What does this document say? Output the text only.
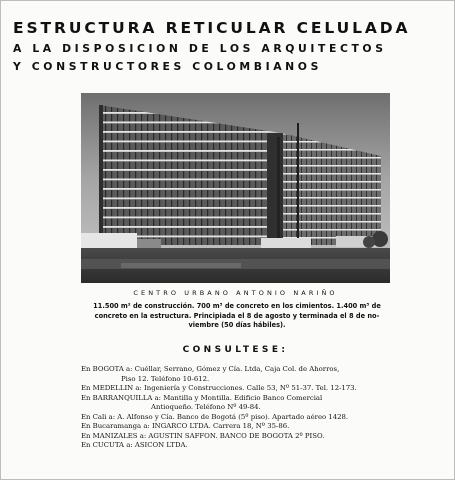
ESTRUCTURA RETICULAR CELULADA
A LA DISPOSICION DE LOS ARQUITECTOS
Y CONSTRUCTORES COLOMBIANOS
CENTRO URBANO ANTONIO NARIÑO
11.500 m² de construcción. 700 m³ de concreto en los cimientos. 1.400 m³ de
concreto en la estructura. Principiada el 8 de agosto y terminada el 8 de no-
viembre (50 días hábiles).
CONSULTESE:
En BOGOTA a: Cuéllar, Serrano, Gómez y Cía. Ltda, Caja Col. de Ahorros,
Piso 12. Teléfono 10-612.
En MEDELLIN a: Ingeniería y Construcciones. Calle 53, Nº 51-37. Tel. 12-173.
En BARRANQUILLA a: Mantilla y Montilla. Edificio Banco Comercial
Antioqueño. Teléfono Nº 49-84.
En Cali a: A. Alfonso y Cía. Banco de Bogotá (5º piso). Apartado aéreo 1428.
En Bucaramanga a: INGARCO LTDA. Carrera 18, Nº 35-86.
En MANIZALES a: AGUSTIN SAFFON. BANCO DE BOGOTA 2º PISO.
En CUCUTA a: ASICON LTDA.
